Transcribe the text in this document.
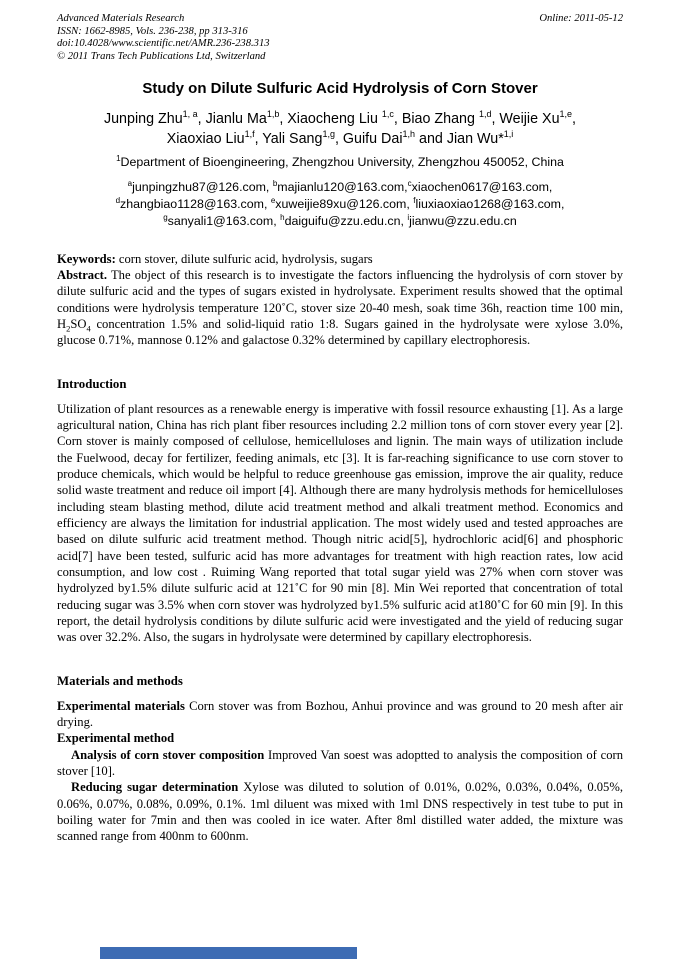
Advanced Materials Research
ISSN: 1662-8985, Vols. 236-238, pp 313-316
doi:10.4028/www.scientific.net/AMR.236-238.313
© 2011 Trans Tech Publications Ltd, Switzerland
Online: 2011-05-12
Study on Dilute Sulfuric Acid Hydrolysis of Corn Stover

Junping Zhu$^{1, a}$, Jianlu Ma$^{1,b}$, Xiaocheng Liu $^{1,c}$, Biao Zhang $^{1,d}$, Weijie Xu$^{1,e}$, Xiaoxiao Liu$^{1,f}$, Yali Sang$^{1,g}$, Guifu Dai$^{1,h}$ and Jian Wu*$^{1,i}$

$^1$Department of Bioengineering, Zhengzhou University, Zhengzhou 450052, China

$^a$junpingzhu87@126.com, $^b$majianlu120@163.com,$^c$xiaochen0617@163.com, $^d$zhangbiao1128@163.com, $^e$xuweijie89xu@126.com, $^f$liuxiaoxiao1268@163.com, $^g$sanyali1@163.com, $^h$daiguifu@zzu.edu.cn, $^i$jianwu@zzu.edu.cn

Keywords: corn stover, dilute sulfuric acid, hydrolysis, sugars

Abstract. The object of this research is to investigate the factors influencing the hydrolysis of corn stover by dilute sulfuric acid and the types of sugars existed in hydrolysate. Experiment results showed that the optimal conditions were hydrolysis temperature 120˚C, stover size 20-40 mesh, soak time 36h, reaction time 100 min, $H_2SO_4$ concentration 1.5% and solid-liquid ratio 1:8. Sugars gained in the hydrolysate were xylose 3.0%, glucose 0.71%, mannose 0.12% and galactose 0.32% determined by capillary electrophoresis.

Introduction

Utilization of plant resources as a renewable energy is imperative with fossil resource exhausting [1]. As a large agricultural nation, China has rich plant fiber resources including 2.2 million tons of corn stover every year [2]. Corn stover is mainly composed of cellulose, hemicelluloses and lignin. The main ways of utilization include the Fuelwood, decay for fertilizer, feeding animals, etc [3]. It is far-reaching significance to use corn stover to produce chemicals, which would be helpful to reduce greenhouse gas emission, improve the air quality, reduce solid waste treatment and reduce oil import [4]. Although there are many hydrolysis methods for hemicelluloses including steam blasting method, dilute acid treatment method and alkali treatment method. Economics and efficiency are always the limitation for industrial application. The most widely used and tested approaches are based on dilute sulfuric acid treatment method. Though nitric acid[5], hydrochloric acid[6] and phosphoric acid[7] have been tested, sulfuric acid has more advantages for treatment with high reaction rates, low acid consumption, and low cost . Ruiming Wang reported that total sugar yield was 27% when corn stover was hydrolyzed by1.5% dilute sulfuric acid at 121˚C for 90 min [8]. Min Wei reported that concentration of total reducing sugar was 3.5% when corn stover was hydrolyzed by1.5% sulfuric acid at180˚C for 60 min [9]. In this report, the detail hydrolysis conditions by dilute sulfuric acid were investigated and the yield of reducing sugar was over 32.2%. Also, the sugars in hydrolysate were determined by capillary electrophoresis.

Materials and methods

Experimental materials Corn stover was from Bozhou, Anhui province and was ground to 20 mesh after air drying.

Experimental method

Analysis of corn stover composition Improved Van soest was adoptted to analysis the composition of corn stover [10].

Reducing sugar determination Xylose was diluted to solution of 0.01%, 0.02%, 0.03%, 0.04%, 0.05%, 0.06%, 0.07%, 0.08%, 0.09%, 0.1%. 1ml diluent was mixed with 1ml DNS respectively in test tube to put in boiling water for 7min and then was cooled in ice water. After 8ml distilled water added, the mixture was scanned range from 400nm to 600nm.
